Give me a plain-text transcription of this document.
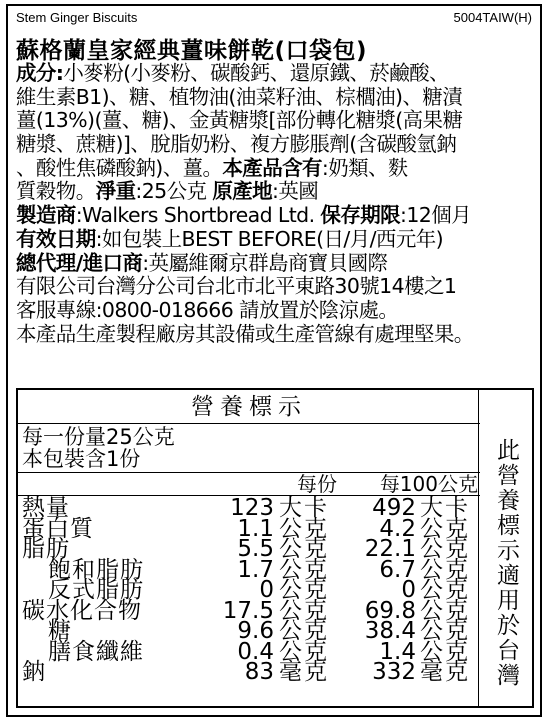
Stem Ginger Biscuits	5004TAIW(H)
蘇格蘭皇家經典薑味餅乾(口袋包)
成分:小麥粉(小麥粉、碳酸鈣、還原鐵、菸鹼酸、
維生素B1)、糖、植物油(油菜籽油、棕櫚油)、糖漬
薑(13%)(薑、糖)、金黃糖漿[部份轉化糖漿(高果糖
糖漿、蔗糖)]、脫脂奶粉、複方膨脹劑(含碳酸氫鈉
、酸性焦磷酸鈉)、薑。本產品含有:奶類、麩
質穀物。淨重:25公克 原產地:英國
製造商:Walkers Shortbread Ltd. 保存期限:12個月
有效日期:如包裝上BEST BEFORE(日/月/西元年)
總代理/進口商:英屬維爾京群島商寶貝國際
有限公司台灣分公司台北市北平東路30號14樓之1
客服專線:0800-018666 請放置於陰涼處。
本產品生產製程廠房其設備或生產管線有處理堅果。
營養標示
此營養標示適用於台灣
每一份量25公克
本包裝含1份
每份 每100公克
熱量	123 大卡 492 大卡
蛋白質	1.1 公克 4.2 公克
脂肪	5.5 公克 22.1 公克
飽和脂肪	1.7 公克 6.7 公克
反式脂肪	0 公克	0 公克
碳水化合物	17.5 公克 69.8 公克
糖	9.6 公克 38.4 公克
膳食纖維	0.4 公克 1.4 公克
鈉	83 毫克 332 毫克
